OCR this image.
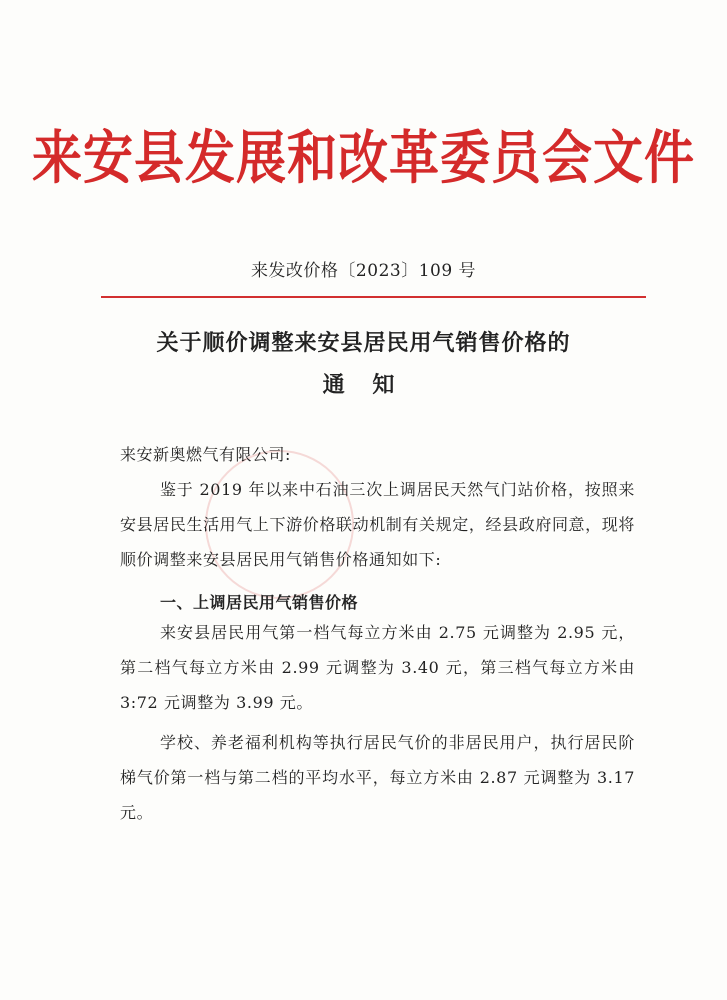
来安县发展和改革委员会文件
来发改价格〔2023〕109 号
关于顺价调整来安县居民用气销售价格的
通 知
来安新奥燃气有限公司:
鉴于 2019 年以来中石油三次上调居民天然气门站价格，按照来安县居民生活用气上下游价格联动机制有关规定，经县政府同意，现将顺价调整来安县居民用气销售价格通知如下:
一、上调居民用气销售价格
来安县居民用气第一档气每立方米由 2.75 元调整为 2.95 元，第二档气每立方米由 2.99 元调整为 3.40 元，第三档气每立方米由 3:72 元调整为 3.99 元。
学校、养老福利机构等执行居民气价的非居民用户，执行居民阶梯气价第一档与第二档的平均水平，每立方米由 2.87 元调整为 3.17 元。
